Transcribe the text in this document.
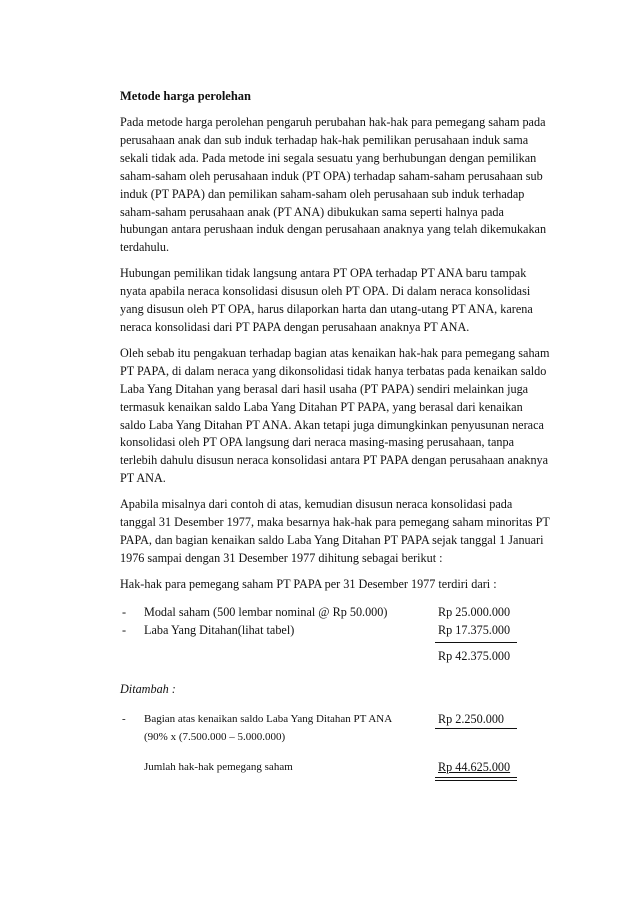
Metode harga perolehan

Pada metode harga perolehan pengaruh perubahan hak-hak para pemegang saham pada perusahaan anak dan sub induk terhadap hak-hak pemilikan perusahaan induk sama sekali tidak ada. Pada metode ini segala sesuatu yang berhubungan dengan pemilikan saham-saham oleh perusahaan induk (PT OPA) terhadap saham-saham perusahaan sub induk (PT PAPA) dan pemilikan saham-saham oleh perusahaan sub induk terhadap saham-saham perusahaan anak (PT ANA) dibukukan sama seperti halnya pada hubungan antara perushaan induk dengan perusahaan anaknya yang telah dikemukakan terdahulu.

Hubungan pemilikan tidak langsung antara PT OPA terhadap PT ANA baru tampak nyata apabila neraca konsolidasi disusun oleh PT OPA. Di dalam neraca konsolidasi yang disusun oleh PT OPA, harus dilaporkan harta dan utang-utang PT ANA, karena neraca konsolidasi dari PT PAPA dengan perusahaan anaknya PT ANA.

Oleh sebab itu pengakuan terhadap bagian atas kenaikan hak-hak para pemegang saham PT PAPA, di dalam neraca yang dikonsolidasi tidak hanya terbatas pada kenaikan saldo Laba Yang Ditahan yang berasal dari hasil usaha (PT PAPA) sendiri melainkan juga termasuk kenaikan saldo Laba Yang Ditahan PT PAPA, yang berasal dari kenaikan saldo Laba Yang Ditahan PT ANA. Akan tetapi juga dimungkinkan penyusunan neraca konsolidasi oleh PT OPA langsung dari neraca masing-masing perusahaan, tanpa terlebih dahulu disusun neraca konsolidasi antara PT PAPA dengan perusahaan anaknya PT ANA.

Apabila misalnya dari contoh di atas, kemudian disusun neraca konsolidasi pada tanggal 31 Desember 1977, maka besarnya hak-hak para pemegang saham minoritas PT PAPA, dan bagian kenaikan saldo Laba Yang Ditahan PT PAPA sejak tanggal 1 Januari 1976 sampai dengan 31 Desember 1977 dihitung sebagai berikut :

Hak-hak para pemegang saham PT PAPA per 31 Desember 1977 terdiri dari :

- Modal saham (500 lembar nominal @ Rp 50.000)	Rp 25.000.000
- Laba Yang Ditahan(lihat tabel)	Rp 17.375.000
Rp 42.375.000
Ditambah :
- Bagian atas kenaikan saldo Laba Yang Ditahan PT ANA	Rp 2.250.000
(90% x (7.500.000 – 5.000.000)
Jumlah hak-hak pemegang saham	Rp 44.625.000
